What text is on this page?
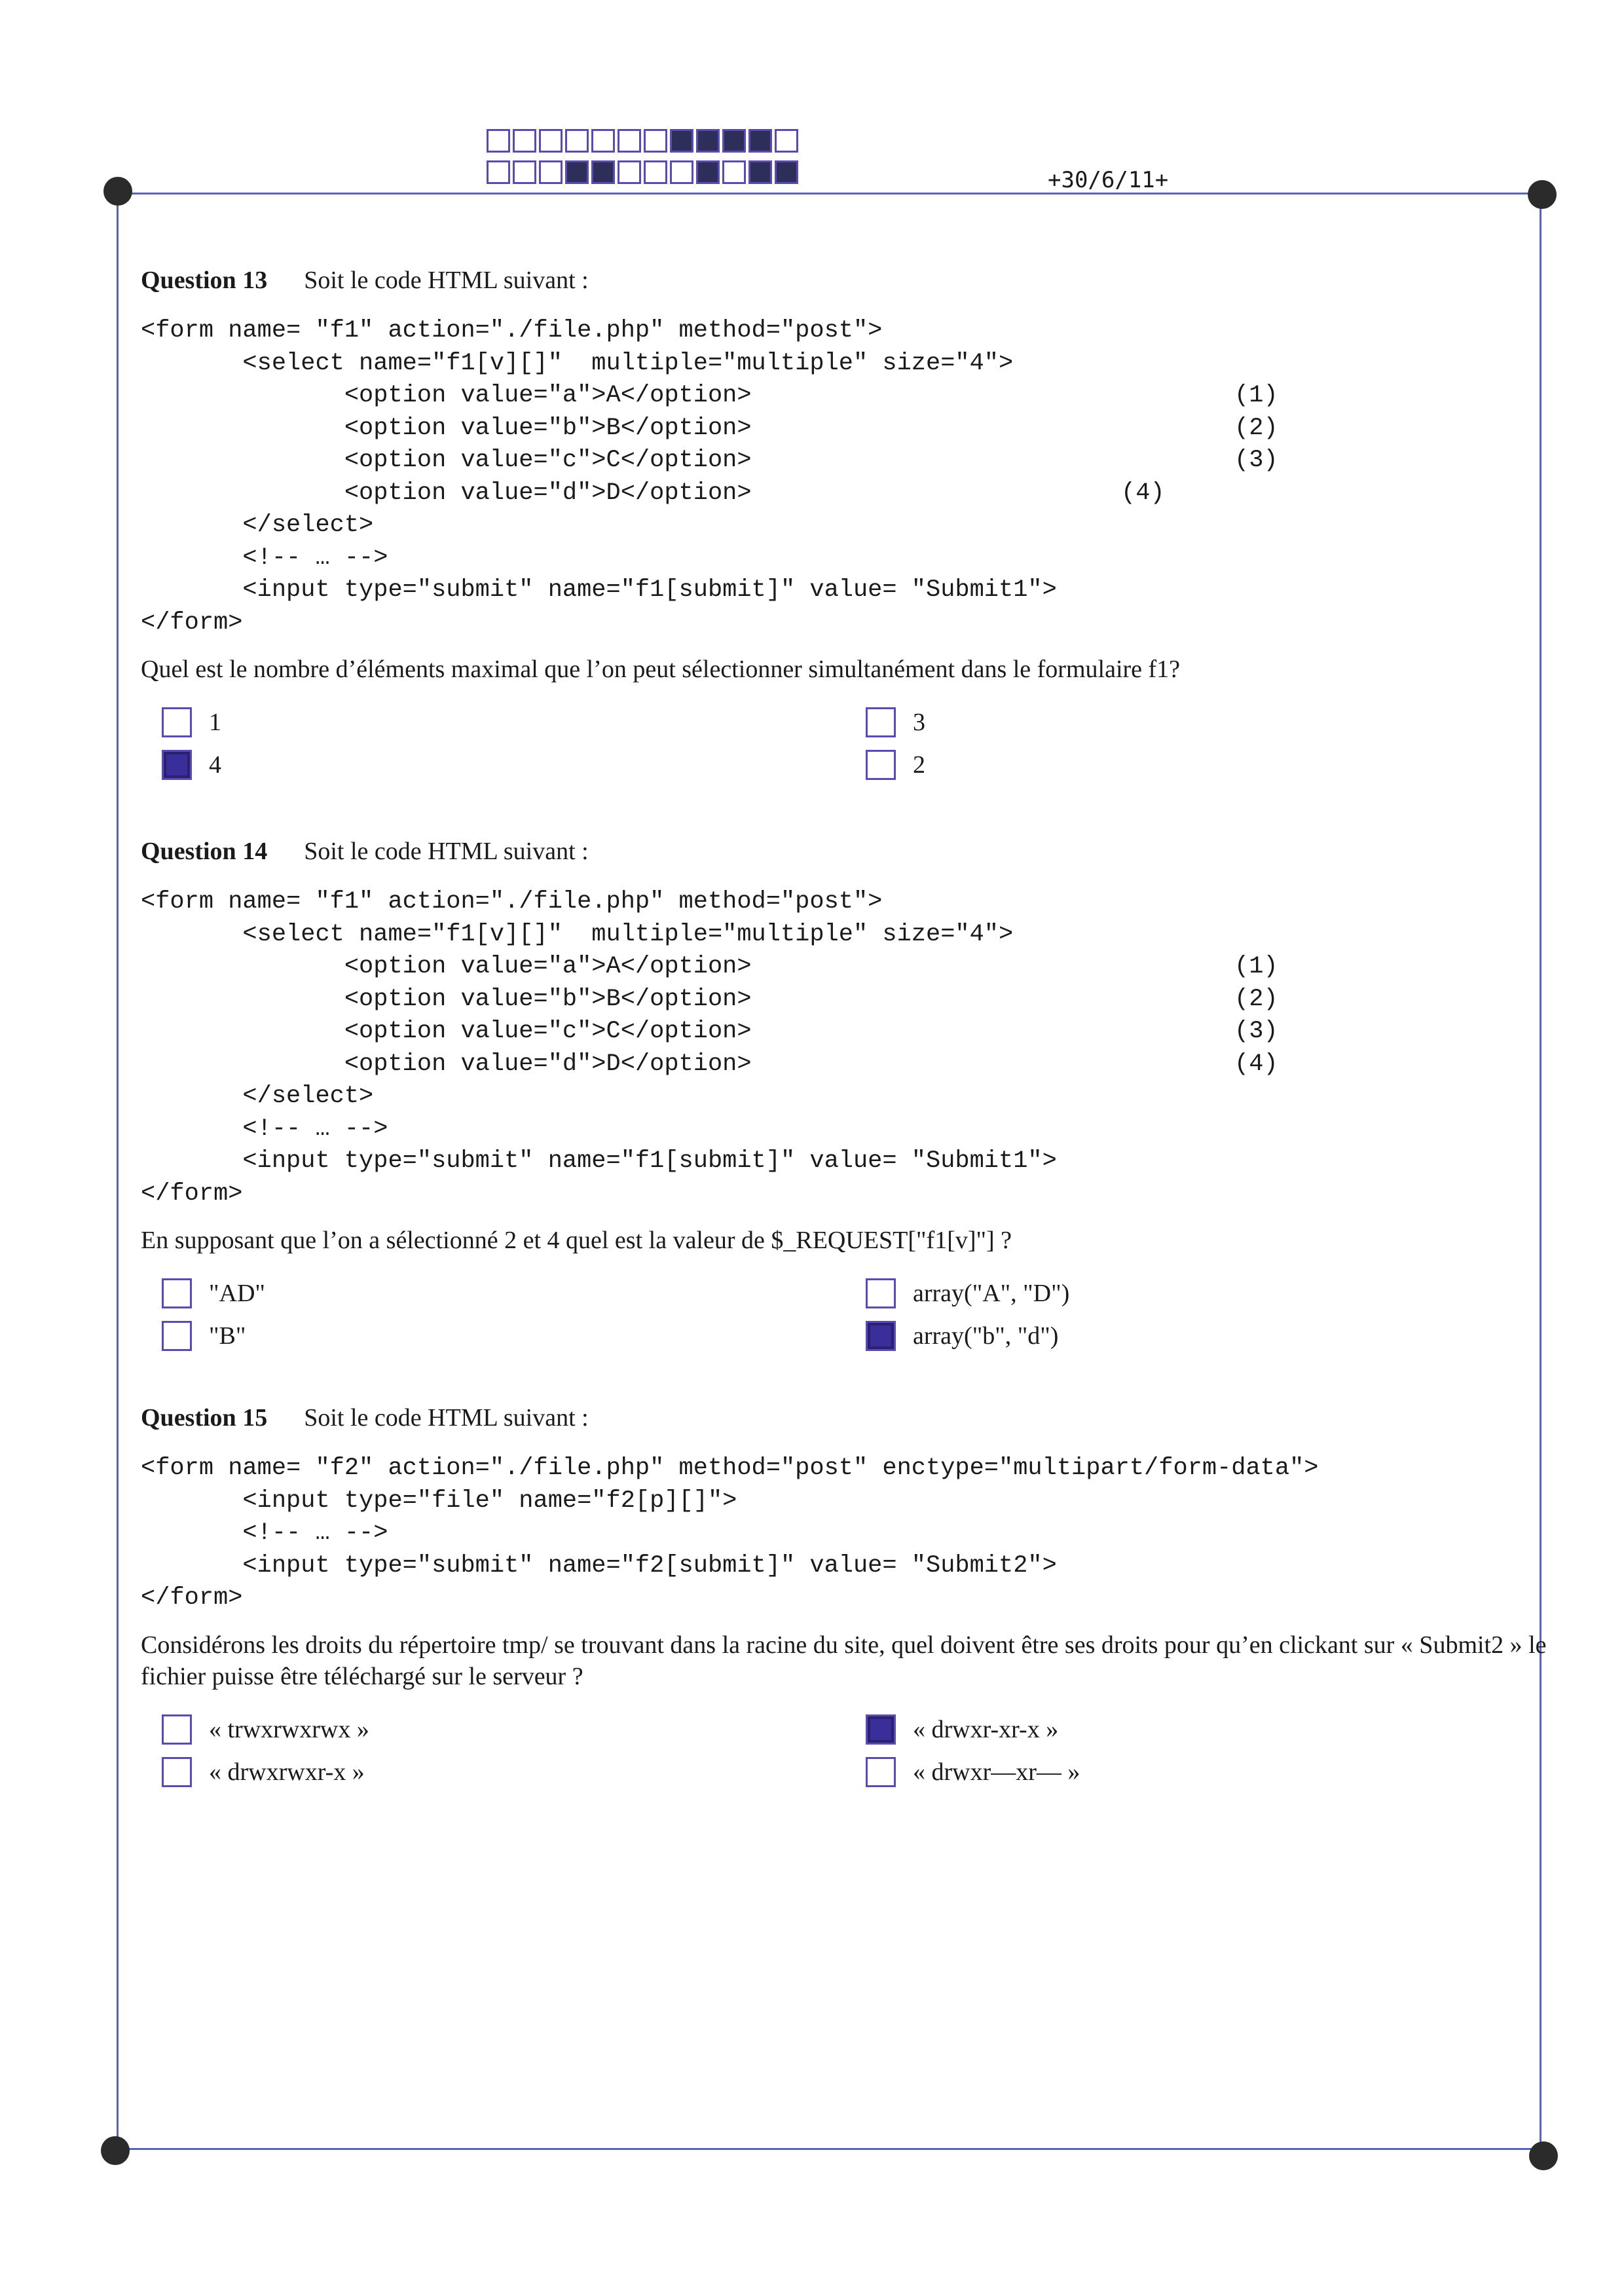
+30/6/11+
Question 13 Soit le code HTML suivant :
<form name= "f1" action="./file.php" method="post">
<select name="f1[v][]"  multiple="multiple" size="4">
<option value="a">A</option>	(1)
<option value="b">B</option>	(2)
<option value="c">C</option>	(3)
<option value="d">D</option>	(4)
</select>
<!-- … -->
<input type="submit" name="f1[submit]" value= "Submit1">
</form>
Quel est le nombre d’éléments maximal que l’on peut sélectionner simultanément dans le formulaire f1?
1
4
3
2
Question 14 Soit le code HTML suivant :
<form name= "f1" action="./file.php" method="post">
<select name="f1[v][]"  multiple="multiple" size="4">
<option value="a">A</option>	(1)
<option value="b">B</option>	(2)
<option value="c">C</option>	(3)
<option value="d">D</option>	(4)
</select>
<!-- … -->
<input type="submit" name="f1[submit]" value= "Submit1">
</form>
En supposant que l’on a sélectionné 2 et 4 quel est la valeur de $_REQUEST["f1[v]"] ?
"AD"
"B"
array("A", "D")
array("b", "d")
Question 15 Soit le code HTML suivant :
<form name= "f2" action="./file.php" method="post" enctype="multipart/form-data">
<input type="file" name="f2[p][]">
<!-- … -->
<input type="submit" name="f2[submit]" value= "Submit2">
</form>
Considérons les droits du répertoire tmp/ se trouvant dans la racine du site, quel doivent être ses droits pour qu’en clickant sur « Submit2 » le fichier puisse être téléchargé sur le serveur ?
« trwxrwxrwx »
« drwxrwxr-x »
« drwxr-xr-x »
« drwxr—xr— »
